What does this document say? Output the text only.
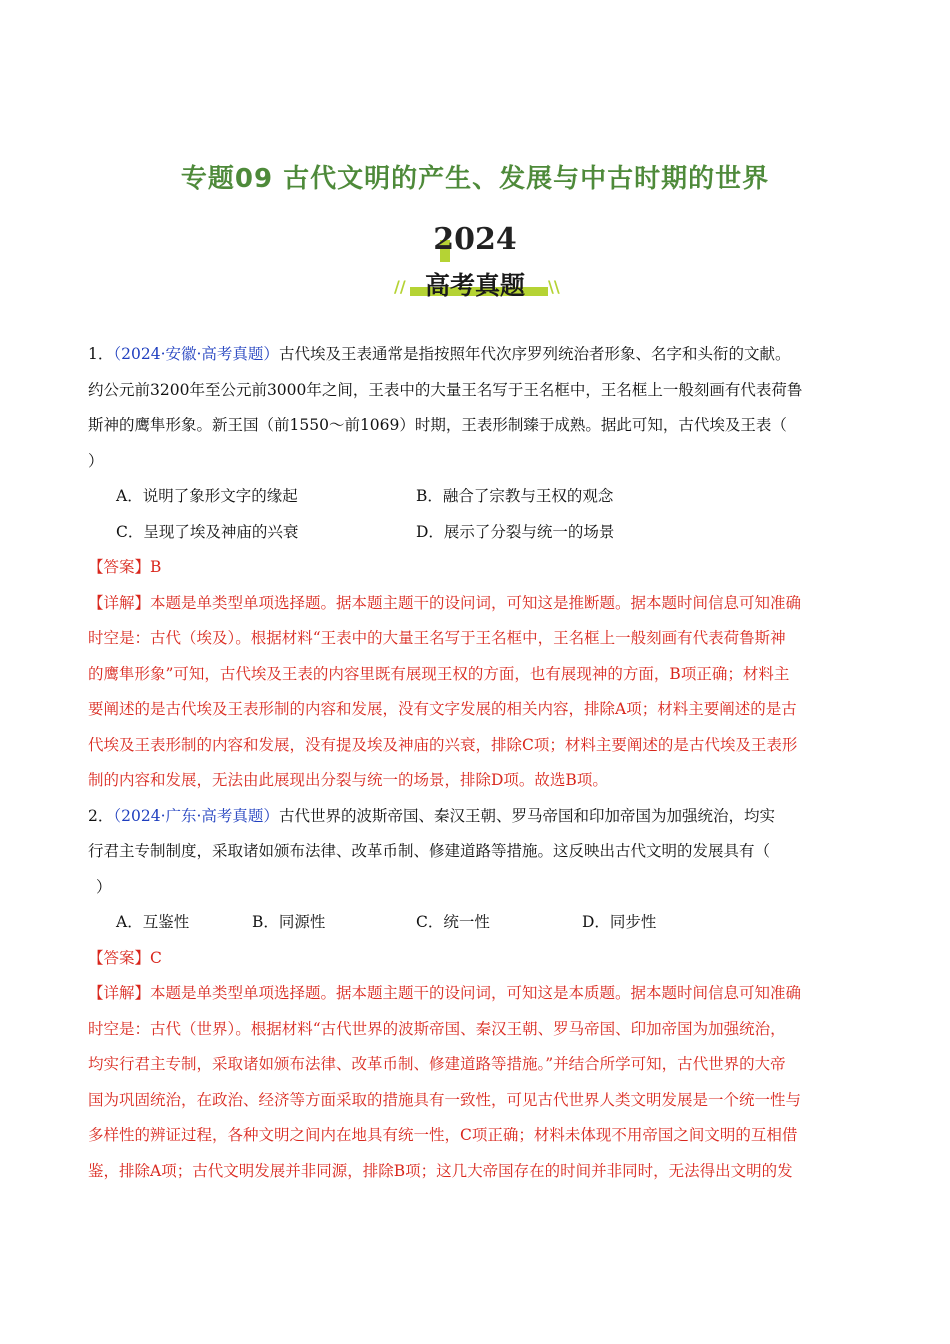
专题09 古代文明的产生、发展与中古时期的世界
2024
// 高考真题	\\
1．（2024·安徽·高考真题）古代埃及王表通常是指按照年代次序罗列统治者形象、名字和头衔的文献。
约公元前3200年至公元前3000年之间，王表中的大量王名写于王名框中，王名框上一般刻画有代表荷鲁
斯神的鹰隼形象。新王国（前1550～前1069）时期，王表形制臻于成熟。据此可知，古代埃及王表（
）
A．说明了象形文字的缘起	B．融合了宗教与王权的观念
C．呈现了埃及神庙的兴衰	D．展示了分裂与统一的场景
【答案】B
【详解】本题是单类型单项选择题。据本题主题干的设问词，可知这是推断题。据本题时间信息可知准确
时空是：古代（埃及）。根据材料“王表中的大量王名写于王名框中，王名框上一般刻画有代表荷鲁斯神
的鹰隼形象”可知，古代埃及王表的内容里既有展现王权的方面，也有展现神的方面，B项正确；材料主
要阐述的是古代埃及王表形制的内容和发展，没有文字发展的相关内容，排除A项；材料主要阐述的是古
代埃及王表形制的内容和发展，没有提及埃及神庙的兴衰，排除C项；材料主要阐述的是古代埃及王表形
制的内容和发展，无法由此展现出分裂与统一的场景，排除D项。故选B项。
2．（2024·广东·高考真题）古代世界的波斯帝国、秦汉王朝、罗马帝国和印加帝国为加强统治，均实
行君主专制制度，采取诸如颁布法律、改革币制、修建道路等措施。这反映出古代文明的发展具有（
）
A．互鉴性	B．同源性	C．统一性	D．同步性
【答案】C
【详解】本题是单类型单项选择题。据本题主题干的设问词，可知这是本质题。据本题时间信息可知准确
时空是：古代（世界）。根据材料“古代世界的波斯帝国、秦汉王朝、罗马帝国、印加帝国为加强统治，
均实行君主专制，采取诸如颁布法律、改革币制、修建道路等措施。”并结合所学可知，古代世界的大帝
国为巩固统治，在政治、经济等方面采取的措施具有一致性，可见古代世界人类文明发展是一个统一性与
多样性的辨证过程，各种文明之间内在地具有统一性，C项正确；材料未体现不用帝国之间文明的互相借
鉴，排除A项；古代文明发展并非同源，排除B项；这几大帝国存在的时间并非同时，无法得出文明的发
